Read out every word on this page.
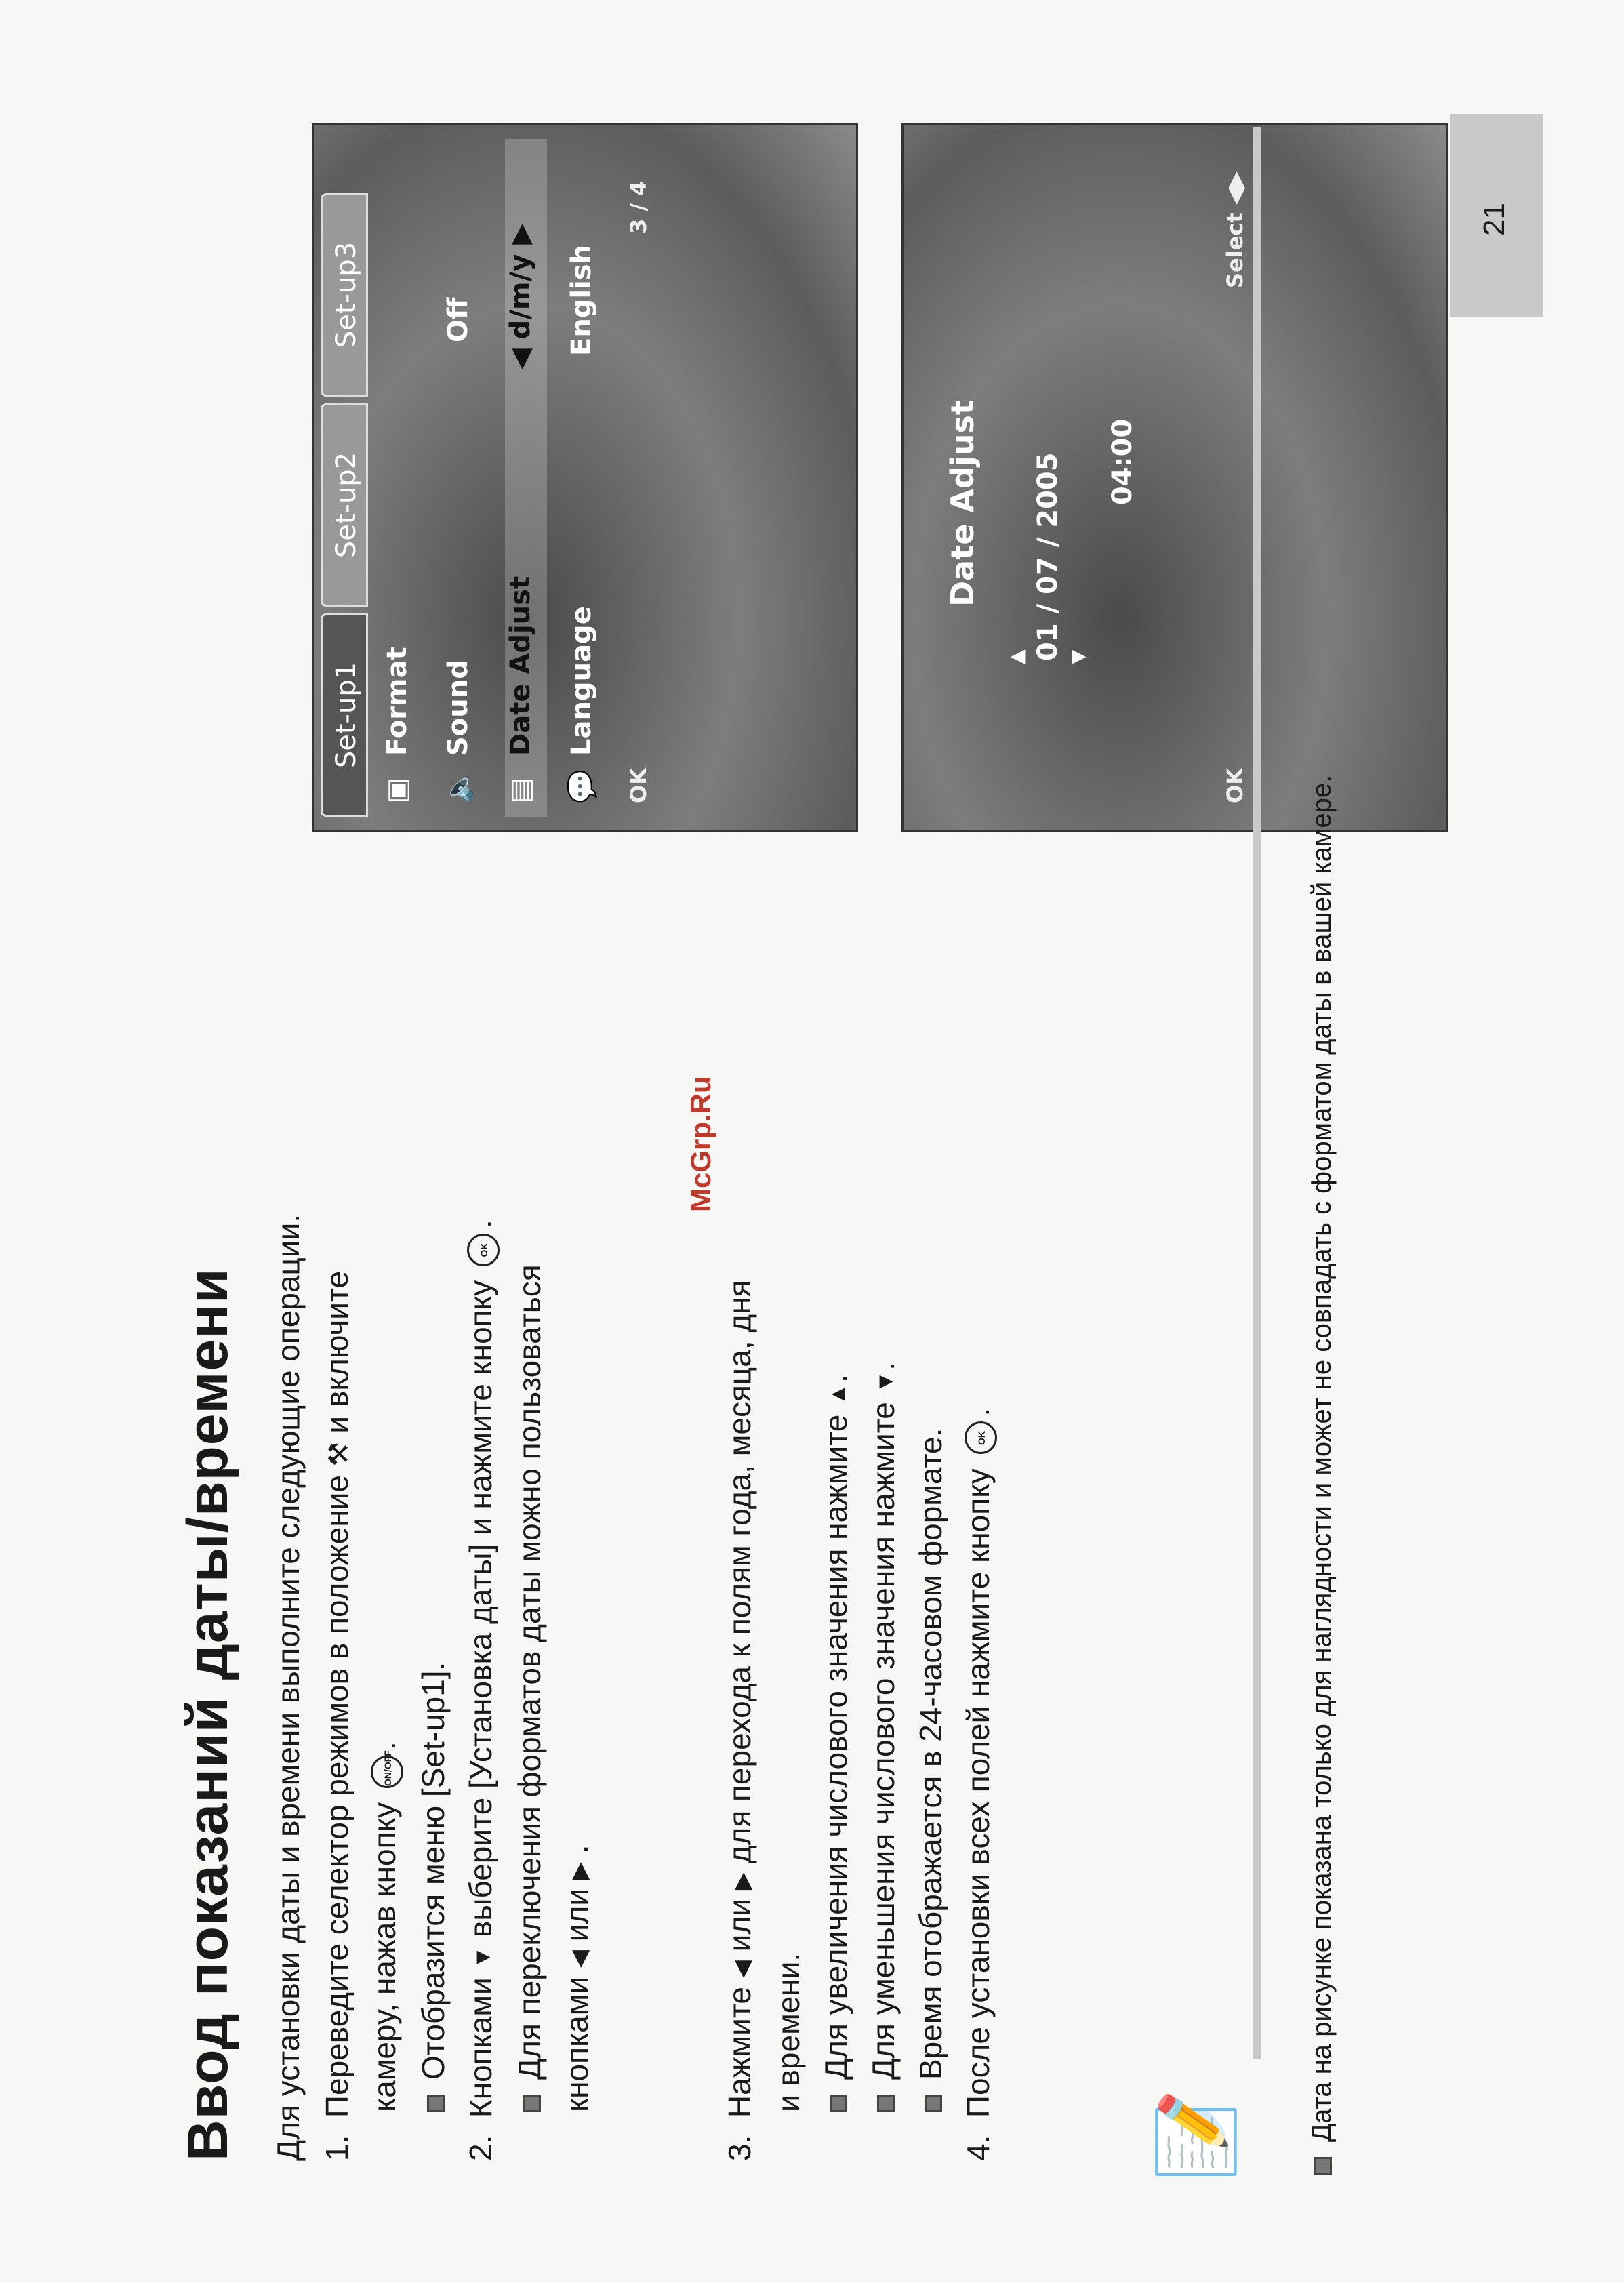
Ввод показаний даты/времени Для установки даты и времени выполните следующие операции. 1.  Переведите селектор режимов в положение ⚒ и включите
камеру, нажав кнопку ON/OFF. Отобразится меню [Set-up1].
2.  Кнопками ▼ выберите [Установка даты] и нажмите кнопку OK.
Для переключения форматов даты можно пользоваться кнопками ◀ или ▶ .
3.  Нажмите ◀ или ▶ для перехода к полям года, месяца, дня
и времени. Для увеличения числового значения нажмите ▲.
Для уменьшения числового значения нажмите ▼.
Время отображается в 24-часовом формате.
4.  После установки всех полей нажмите кнопку OK.
Set-up1
Set-up2
Set-up3
▣
Format
🔈
Sound
Off
▤
Date Adjust
◀ d/m/y ▶
💬
Language
English
OK
3 / 4
Date Adjust 01 / 07 / 2005
▲ ▼
04:00
OK
Select ◀▶
📝	Дата на рисунке показана только для наглядности и может не совпадать с форматом даты в вашей камере.
21
McGrp.Ru
